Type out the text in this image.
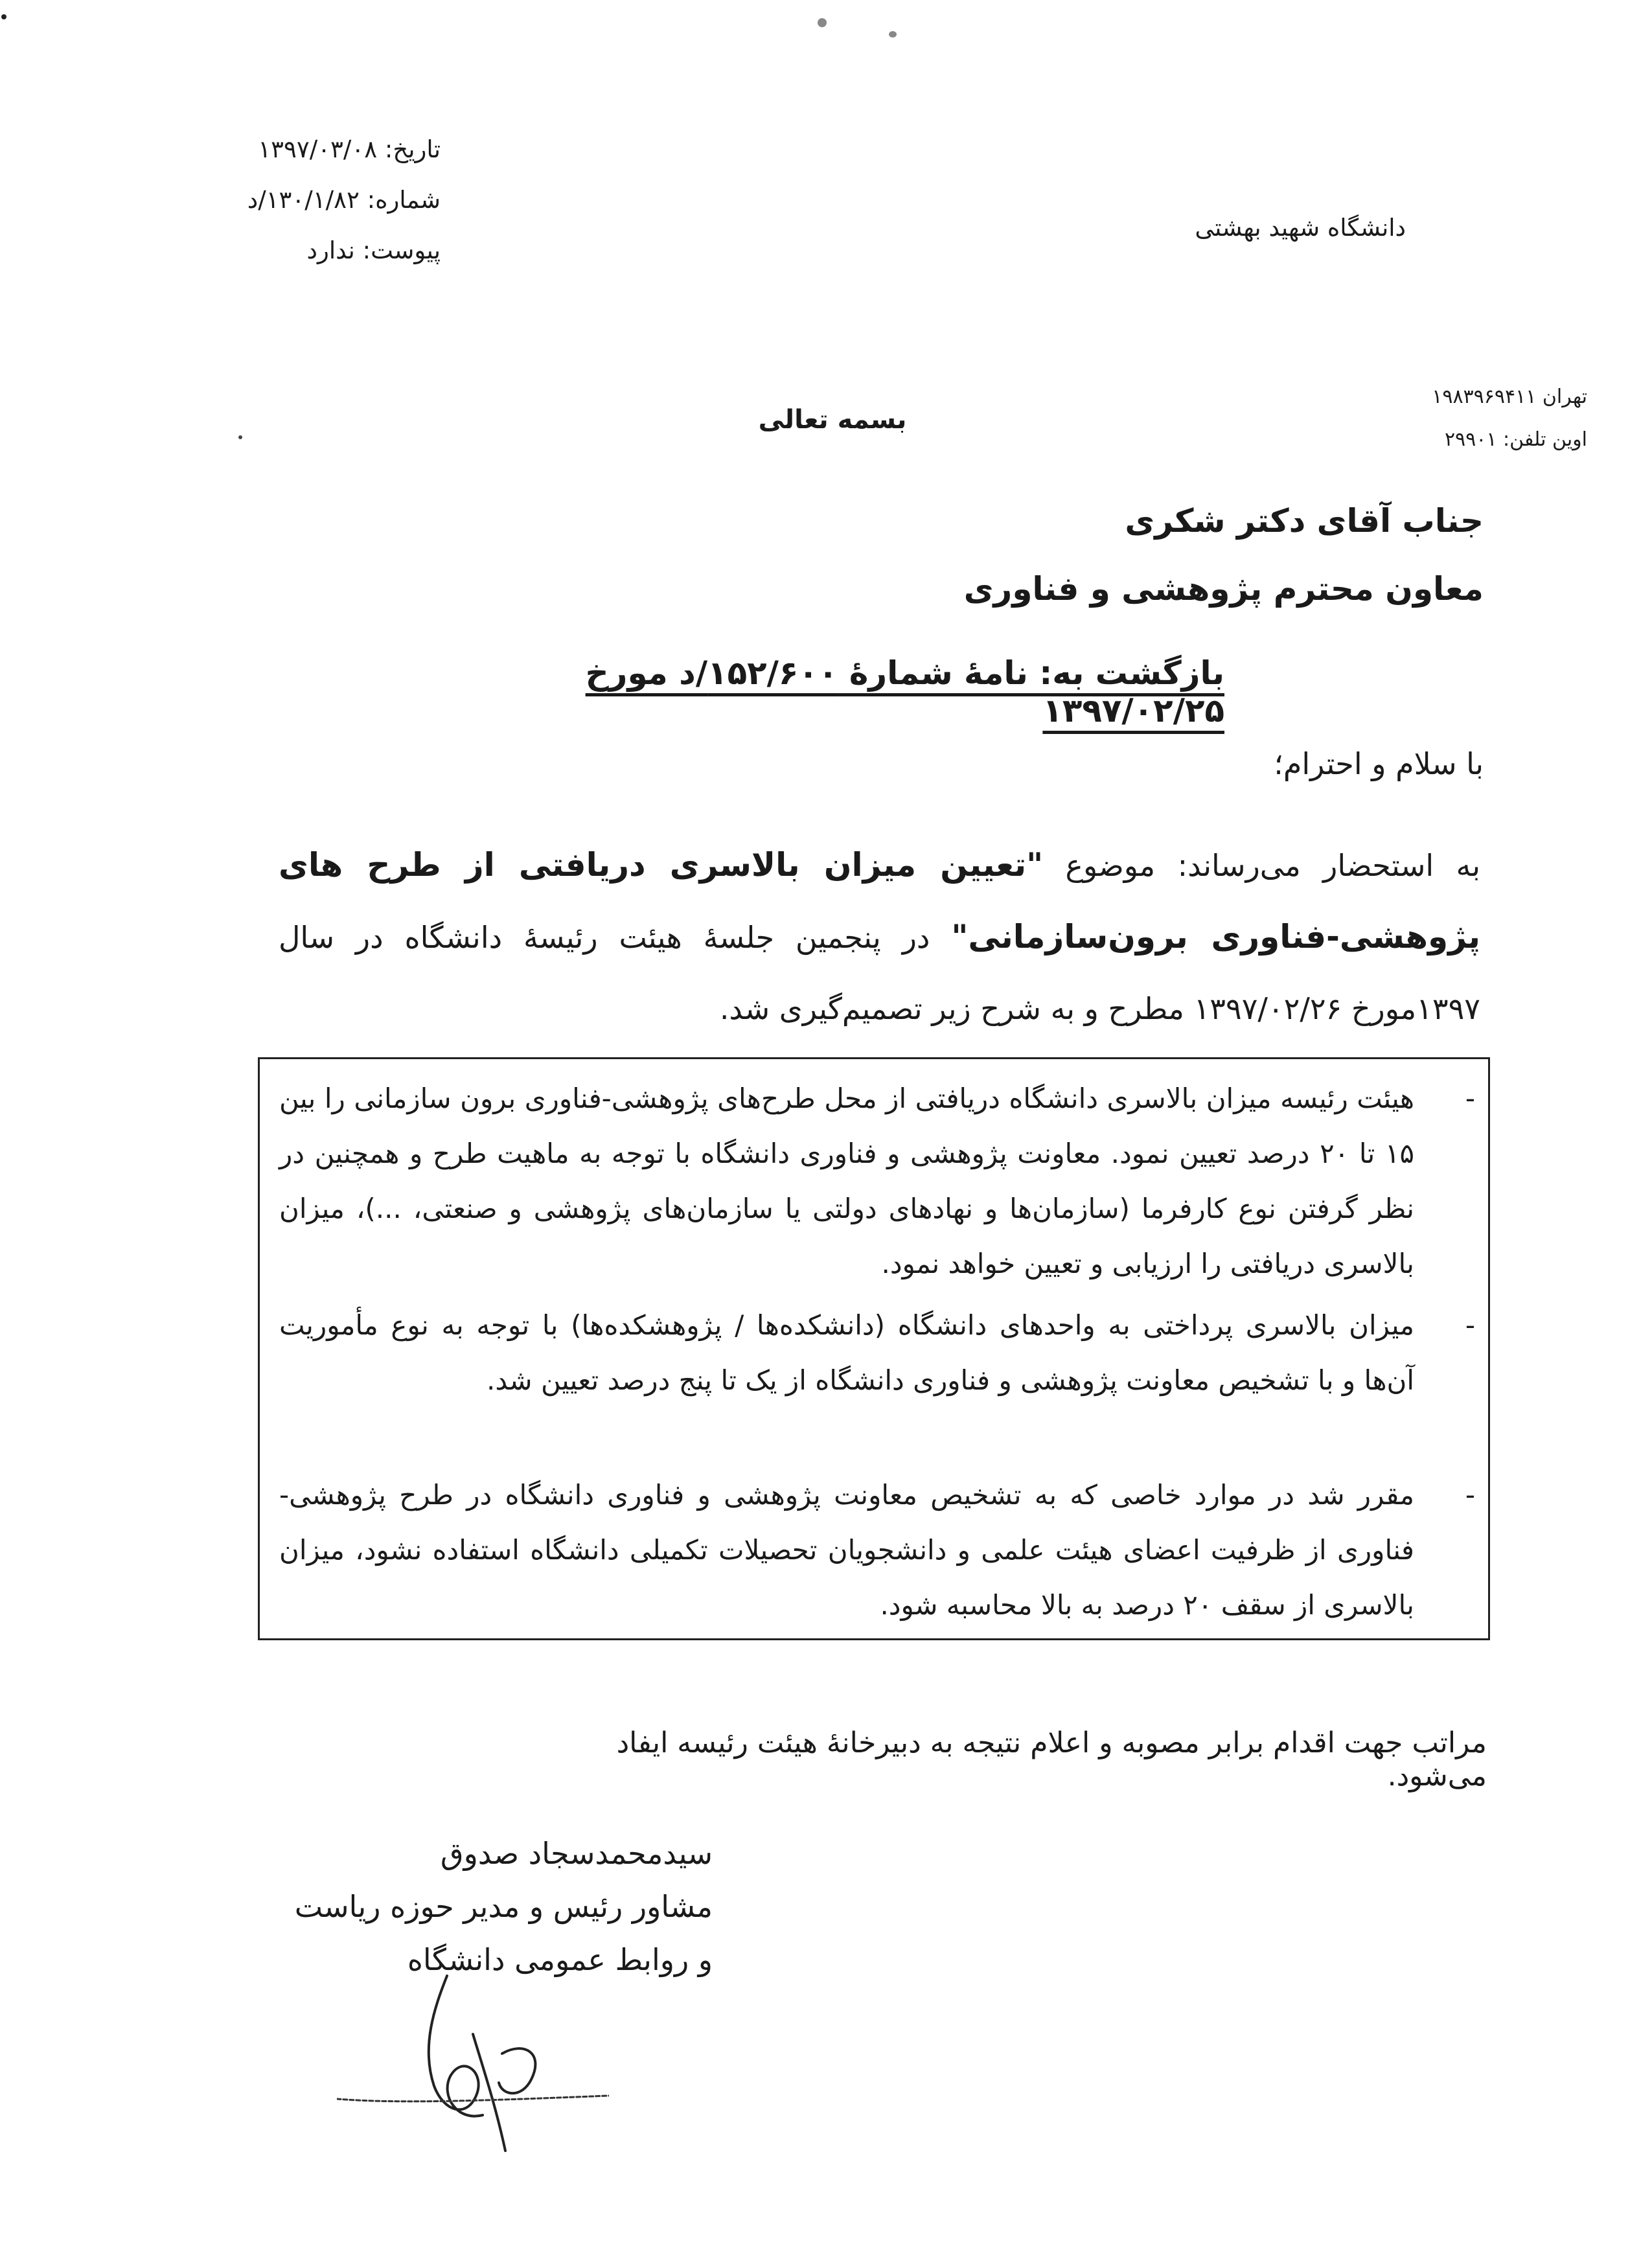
تاریخ: ۱۳۹۷/۰۳/۰۸
شماره: ۱۳۰/۱/۸۲/د
پیوست: ندارد
دانشگاه شهید بهشتی
تهران ۱۹۸۳۹۶۹۴۱۱
اوین تلفن: ۲۹۹۰۱
بسمه تعالی
جناب آقای دکتر شکری
معاون محترم پژوهشی و فناوری
بازگشت به: نامهٔ شمارهٔ ۱۵۲/۶۰۰/د مورخ ۱۳۹۷/۰۲/۲۵
با سلام و احترام؛
به استحضار می‌رساند: موضوع "تعیین میزان بالاسری دریافتی از طرح های پژوهشی-فناوری برون‌سازمانی" در پنجمین جلسهٔ هیئت رئیسهٔ دانشگاه در سال ۱۳۹۷مورخ ۱۳۹۷/۰۲/۲۶ مطرح و به شرح زیر تصمیم‌گیری شد.
-
هیئت رئیسه میزان بالاسری دانشگاه دریافتی از محل طرح‌های پژوهشی-فناوری برون سازمانی را بین ۱۵ تا ۲۰ درصد تعیین نمود. معاونت پژوهشی و فناوری دانشگاه با توجه به ماهیت طرح و همچنین در نظر گرفتن نوع کارفرما (سازمان‌ها و نهادهای دولتی یا سازمان‌های پژوهشی و صنعتی، ...)، میزان بالاسری دریافتی را ارزیابی و تعیین خواهد نمود.
-
میزان بالاسری پرداختی به واحدهای دانشگاه (دانشکده‌ها / پژوهشکده‌ها) با توجه به نوع مأموریت آن‌ها و با تشخیص معاونت پژوهشی و فناوری دانشگاه از یک تا پنج درصد تعیین شد.
-
مقرر شد در موارد خاصی که به تشخیص معاونت پژوهشی و فناوری دانشگاه در طرح پژوهشی-فناوری از ظرفیت اعضای هیئت علمی و دانشجویان تحصیلات تکمیلی دانشگاه استفاده نشود، میزان بالاسری از سقف ۲۰ درصد به بالا محاسبه شود.
مراتب جهت اقدام برابر مصوبه و اعلام نتیجه به دبیرخانهٔ هیئت رئیسه ایفاد می‌شود.
سیدمحمدسجاد صدوق
مشاور رئیس و مدیر حوزه ریاست
و روابط عمومی دانشگاه
